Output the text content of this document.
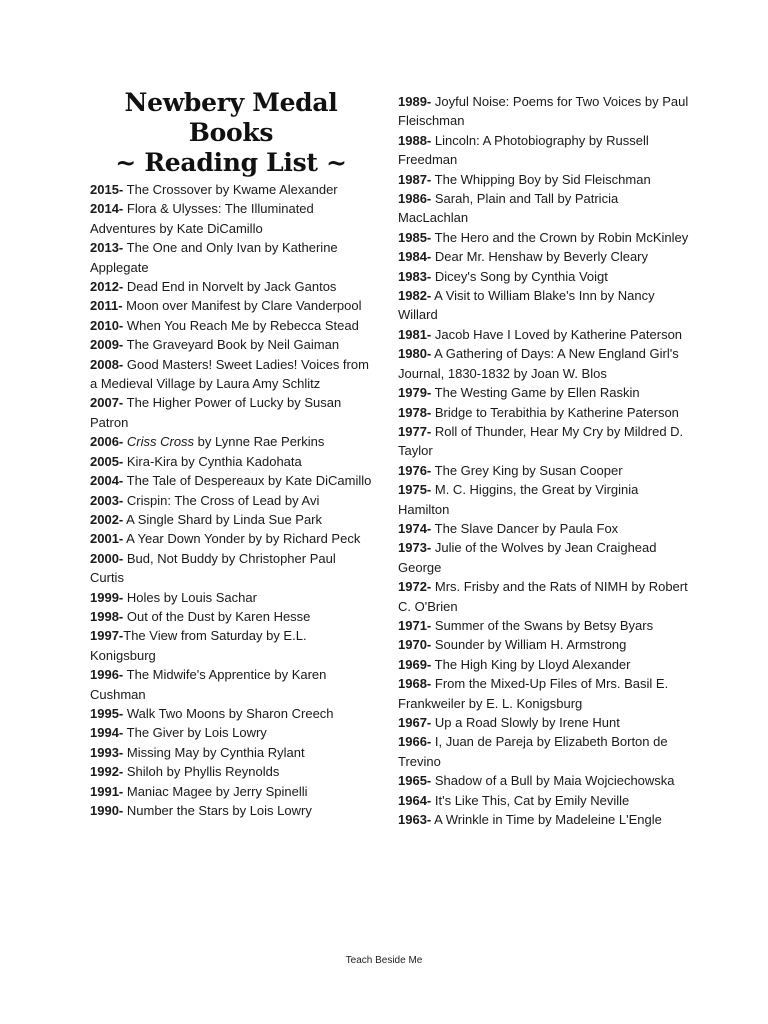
Newbery Medal Books
~ Reading List ~
2015- The Crossover by Kwame Alexander
2014- Flora & Ulysses: The Illuminated Adventures by Kate DiCamillo
2013- The One and Only Ivan by Katherine Applegate
2012- Dead End in Norvelt by Jack Gantos
2011- Moon over Manifest by Clare Vanderpool
2010- When You Reach Me by Rebecca Stead
2009- The Graveyard Book by Neil Gaiman
2008- Good Masters! Sweet Ladies! Voices from a Medieval Village by Laura Amy Schlitz
2007- The Higher Power of Lucky by Susan Patron
2006- Criss Cross by Lynne Rae Perkins
2005- Kira-Kira by Cynthia Kadohata
2004- The Tale of Despereaux by Kate DiCamillo
2003- Crispin: The Cross of Lead by Avi
2002- A Single Shard by Linda Sue Park
2001- A Year Down Yonder by by Richard Peck
2000- Bud, Not Buddy by Christopher Paul Curtis
1999- Holes by Louis Sachar
1998- Out of the Dust by Karen Hesse
1997-The View from Saturday by E.L. Konigsburg
1996- The Midwife's Apprentice by Karen Cushman
1995- Walk Two Moons by Sharon Creech
1994- The Giver by Lois Lowry
1993- Missing May by Cynthia Rylant
1992- Shiloh by Phyllis Reynolds
1991- Maniac Magee by Jerry Spinelli
1990- Number the Stars by Lois Lowry
1989- Joyful Noise: Poems for Two Voices by Paul Fleischman
1988- Lincoln: A Photobiography by Russell Freedman
1987- The Whipping Boy by Sid Fleischman
1986- Sarah, Plain and Tall by Patricia MacLachlan
1985- The Hero and the Crown by Robin McKinley
1984- Dear Mr. Henshaw by Beverly Cleary
1983- Dicey's Song by Cynthia Voigt
1982- A Visit to William Blake's Inn by Nancy Willard
1981- Jacob Have I Loved by Katherine Paterson
1980- A Gathering of Days: A New England Girl's Journal, 1830-1832 by Joan W. Blos
1979- The Westing Game by Ellen Raskin
1978- Bridge to Terabithia by Katherine Paterson
1977- Roll of Thunder, Hear My Cry by Mildred D. Taylor
1976- The Grey King by Susan Cooper
1975- M. C. Higgins, the Great by Virginia Hamilton
1974- The Slave Dancer by Paula Fox
1973- Julie of the Wolves by Jean Craighead George
1972- Mrs. Frisby and the Rats of NIMH by Robert C. O'Brien
1971- Summer of the Swans by Betsy Byars
1970- Sounder by William H. Armstrong
1969- The High King by Lloyd Alexander
1968- From the Mixed-Up Files of Mrs. Basil E. Frankweiler by E. L. Konigsburg
1967- Up a Road Slowly by Irene Hunt
1966- I, Juan de Pareja by Elizabeth Borton de Trevino
1965- Shadow of a Bull by Maia Wojciechowska
1964- It's Like This, Cat by Emily Neville
1963- A Wrinkle in Time by Madeleine L'Engle
Teach Beside Me
